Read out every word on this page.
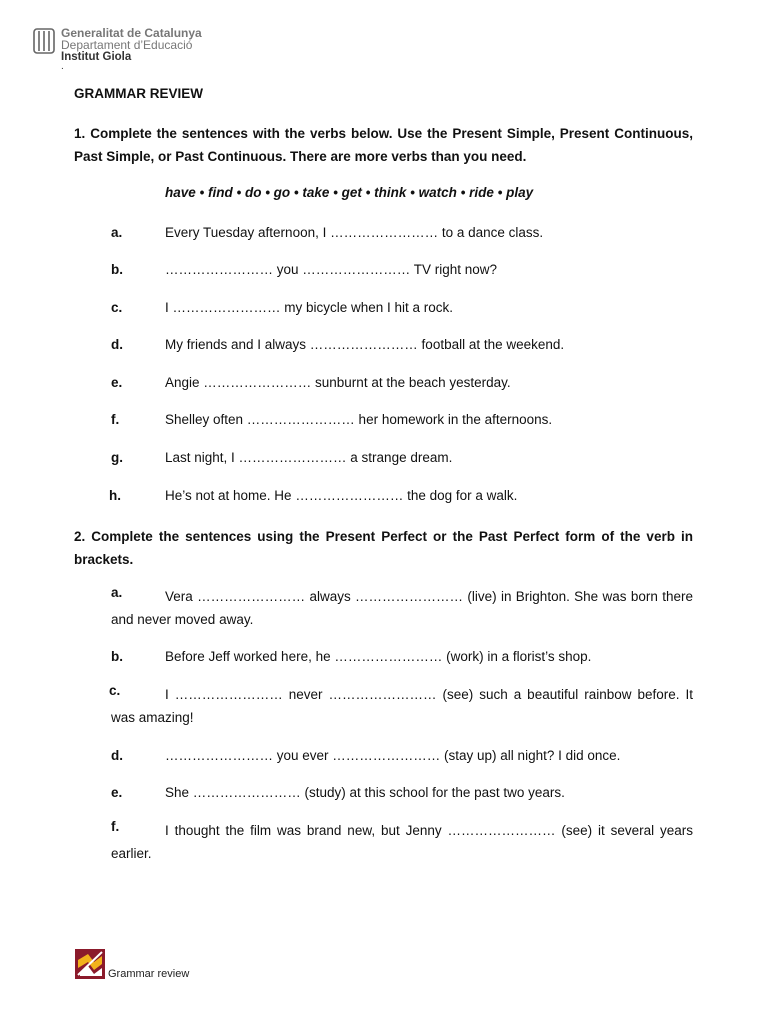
Generalitat de Catalunya
Departament d’Educació
Institut Giola
.
GRAMMAR REVIEW
1. Complete the sentences with the verbs below. Use the Present Simple, Present Continuous, Past Simple, or Past Continuous. There are more verbs than you need.
have • find • do • go • take • get • think • watch • ride • play
a.	Every Tuesday afternoon, I …………………… to a dance class.
b.	…………………… you …………………… TV right now?
c.	I …………………… my bicycle when I hit a rock.
d.	My friends and I always …………………… football at the weekend.
e.	Angie …………………… sunburnt at the beach yesterday.
f.	Shelley often …………………… her homework in the afternoons.
g.	Last night, I …………………… a strange dream.
h.	He’s not at home. He …………………… the dog for a walk.
2. Complete the sentences using the Present Perfect or the Past Perfect form of the verb in brackets.
a.	Vera …………………… always …………………… (live) in Brighton. She was born there and never moved away.
b.	Before Jeff worked here, he …………………… (work) in a florist’s shop.
c.	I …………………… never …………………… (see) such a beautiful rainbow before. It was amazing!
d.	…………………… you ever …………………… (stay up) all night? I did once.
e.	She …………………… (study) at this school for the past two years.
f.	I thought the film was brand new, but Jenny …………………… (see) it several years earlier.
Grammar review
